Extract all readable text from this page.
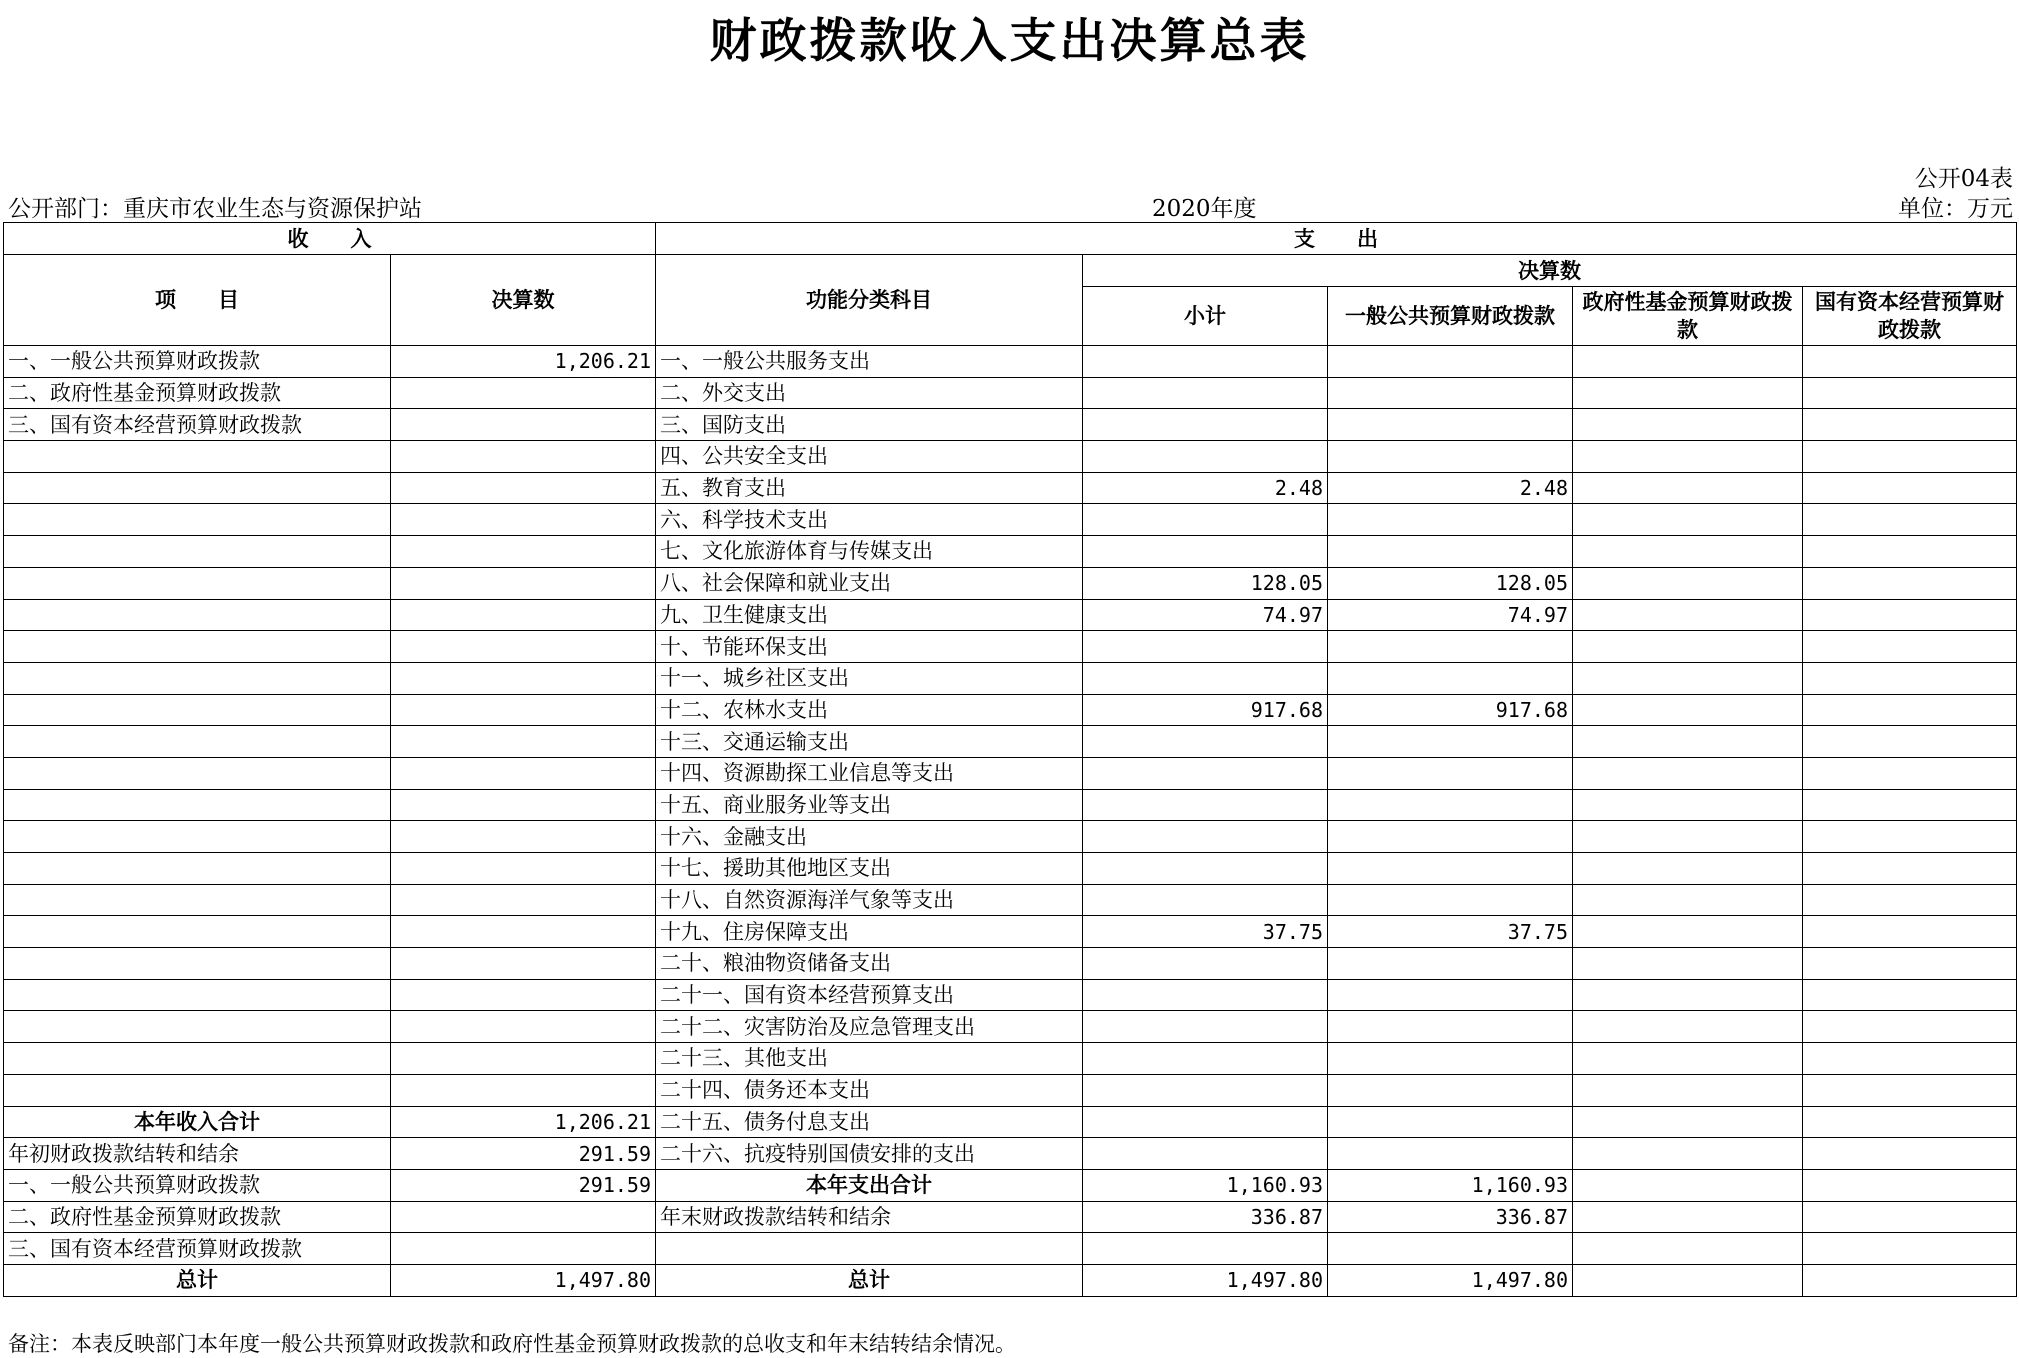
财政拨款收入支出决算总表
公开04表
公开部门：重庆市农业生态与资源保护站	2020年度	单位：万元
收　　入		支　　出				
项　　目	决算数	功能分类科目	决算数			
			小计	一般公共预算财政拨款	政府性基金预算财政拨款	国有资本经营预算财政拨款
一、一般公共预算财政拨款	1,206.21	一、一般公共服务支出				
二、政府性基金预算财政拨款		二、外交支出				
三、国有资本经营预算财政拨款		三、国防支出				
		四、公共安全支出				
		五、教育支出	2.48	2.48		
		六、科学技术支出				
		七、文化旅游体育与传媒支出				
		八、社会保障和就业支出	128.05	128.05		
		九、卫生健康支出	74.97	74.97		
		十、节能环保支出				
		十一、城乡社区支出				
		十二、农林水支出	917.68	917.68		
		十三、交通运输支出				
		十四、资源勘探工业信息等支出				
		十五、商业服务业等支出				
		十六、金融支出				
		十七、援助其他地区支出				
		十八、自然资源海洋气象等支出				
		十九、住房保障支出	37.75	37.75		
		二十、粮油物资储备支出				
		二十一、国有资本经营预算支出				
		二十二、灾害防治及应急管理支出				
		二十三、其他支出				
		二十四、债务还本支出				
本年收入合计	1,206.21	二十五、债务付息支出				
年初财政拨款结转和结余	291.59	二十六、抗疫特别国债安排的支出				
一、一般公共预算财政拨款	291.59	本年支出合计	1,160.93	1,160.93		
二、政府性基金预算财政拨款		年末财政拨款结转和结余	336.87	336.87		
三、国有资本经营预算财政拨款						
总计	1,497.80	总计	1,497.80	1,497.80		
备注：本表反映部门本年度一般公共预算财政拨款和政府性基金预算财政拨款的总收支和年末结转结余情况。
